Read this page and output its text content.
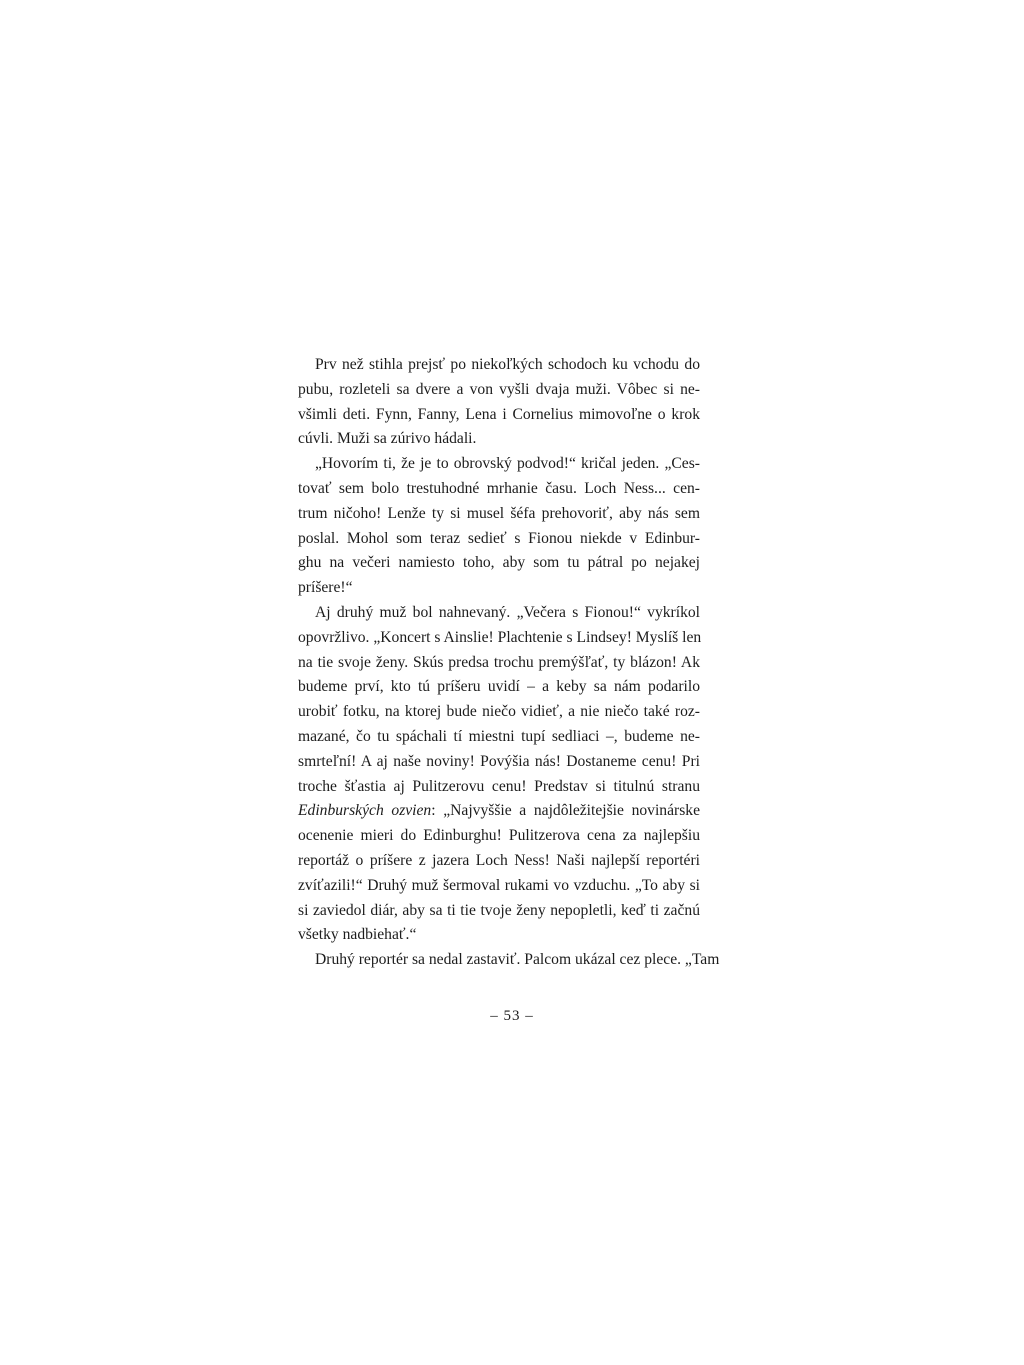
Prv než stihla prejsť po niekoľkých schodoch ku vchodu do
pubu, rozleteli sa dvere a von vyšli dvaja muži. Vôbec si ne-
všimli deti. Fynn, Fanny, Lena i Cornelius mimovoľne o krok
cúvli. Muži sa zúrivo hádali.
„Hovorím ti, že je to obrovský podvod!“ kričal jeden. „Ces-
tovať sem bolo trestuhodné mrhanie času. Loch Ness... cen-
trum ničoho! Lenže ty si musel šéfa prehovoriť, aby nás sem
poslal. Mohol som teraz sedieť s Fionou niekde v Edinbur-
ghu na večeri namiesto toho, aby som tu pátral po nejakej
príšere!“
Aj druhý muž bol nahnevaný. „Večera s Fionou!“ vykríkol
opovržlivo. „Koncert s Ainslie! Plachtenie s Lindsey! Myslíš len
na tie svoje ženy. Skús predsa trochu premýšľať, ty blázon! Ak
budeme prví, kto tú príšeru uvidí – a keby sa nám podarilo
urobiť fotku, na ktorej bude niečo vidieť, a nie niečo také roz-
mazané, čo tu spáchali tí miestni tupí sedliaci –, budeme ne-
smrteľní! A aj naše noviny! Povýšia nás! Dostaneme cenu! Pri
troche šťastia aj Pulitzerovu cenu! Predstav si titulnú stranu
Edinburských ozvien: „Najvyššie a najdôležitejšie novinárske
ocenenie mieri do Edinburghu! Pulitzerova cena za najlepšiu
reportáž o príšere z jazera Loch Ness! Naši najlepší reportéri
zvíťazili!“ Druhý muž šermoval rukami vo vzduchu. „To aby si
si zaviedol diár, aby sa ti tie tvoje ženy nepopletli, keď ti začnú
všetky nadbiehať.“
Druhý reportér sa nedal zastaviť. Palcom ukázal cez plece. „Tam
– 53 –
